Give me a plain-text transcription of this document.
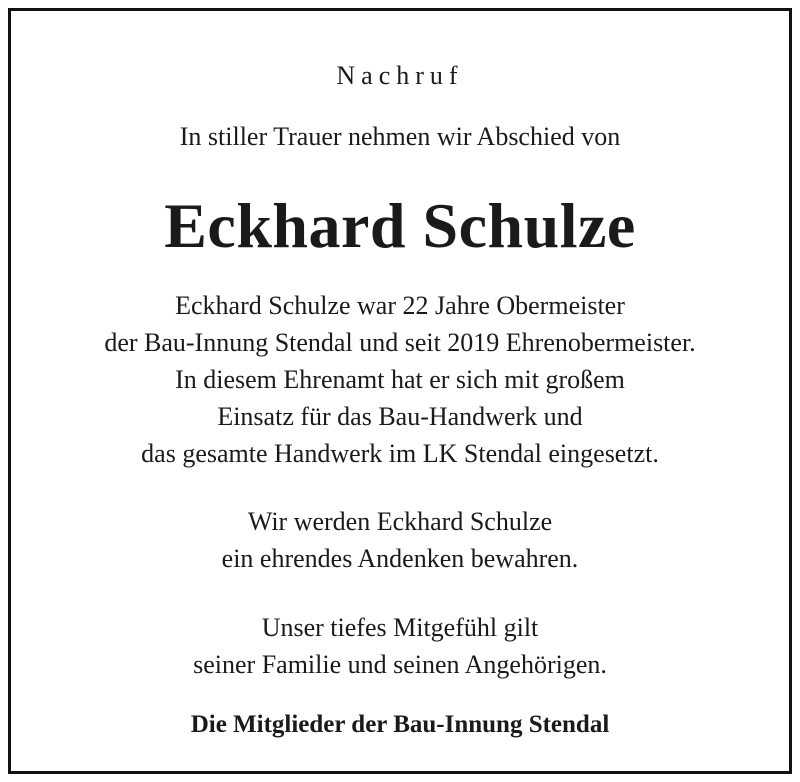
Nachruf
In stiller Trauer nehmen wir Abschied von
Eckhard Schulze
Eckhard Schulze war 22 Jahre Obermeister
der Bau-Innung Stendal und seit 2019 Ehrenobermeister.
In diesem Ehrenamt hat er sich mit großem
Einsatz für das Bau-Handwerk und
das gesamte Handwerk im LK Stendal eingesetzt.
Wir werden Eckhard Schulze
ein ehrendes Andenken bewahren.
Unser tiefes Mitgefühl gilt
seiner Familie und seinen Angehörigen.
Die Mitglieder der Bau-Innung Stendal
